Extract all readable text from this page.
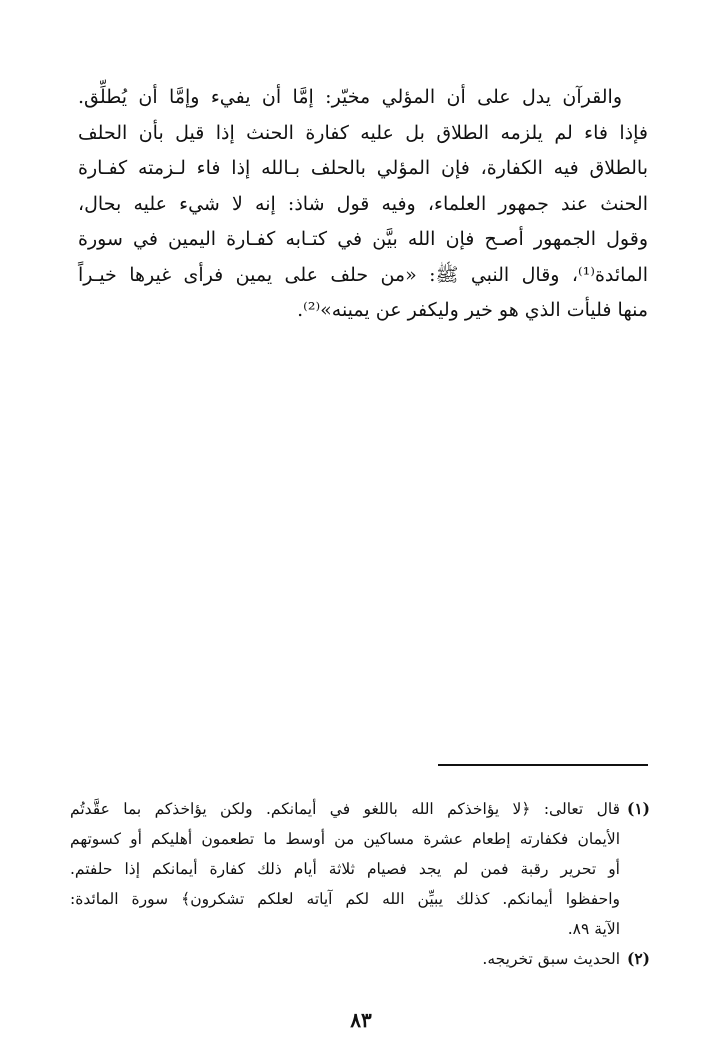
والقرآن يدل على أن المؤلي مخيّر: إمَّا أن يفيء وإمَّا أن يُطلِّق.
فإذا فاء لم يلزمه الطلاق بل عليه كفارة الحنث إذا قيل بأن الحلف
بالطلاق فيه الكفارة، فإن المؤلي بالحلف بـالله إذا فاء لـزمته كفـارة
الحنث عند جمهور العلماء، وفيه قول شاذ: إنه لا شيء عليه بحال،
وقول الجمهور أصـح فإن الله بيَّن في كتـابه كفـارة اليمين في سورة
المائدة⁽¹⁾، وقال النبي ﷺ: «من حلف على يمين فرأى غيرها خيـراً
منها فليأت الذي هو خير وليكفر عن يمينه»⁽²⁾.
(١)
قال تعالى: ﴿لا يؤاخذكم الله باللغو في أيمانكم. ولكن يؤاخذكم بما عقَّدتُم
الأيمان فكفارته إطعام عشرة مساكين من أوسط ما تطعمون أهليكم أو كسوتهم
أو تحرير رقبة فمن لم يجد فصيام ثلاثة أيام ذلك كفارة أيمانكم إذا حلفتم.
واحفظوا أيمانكم. كذلك يبيِّن الله لكم آياته لعلكم تشكرون﴾ سورة المائدة:
الآية ٨٩.
(٢)
الحديث سبق تخريجه.
٨٣
